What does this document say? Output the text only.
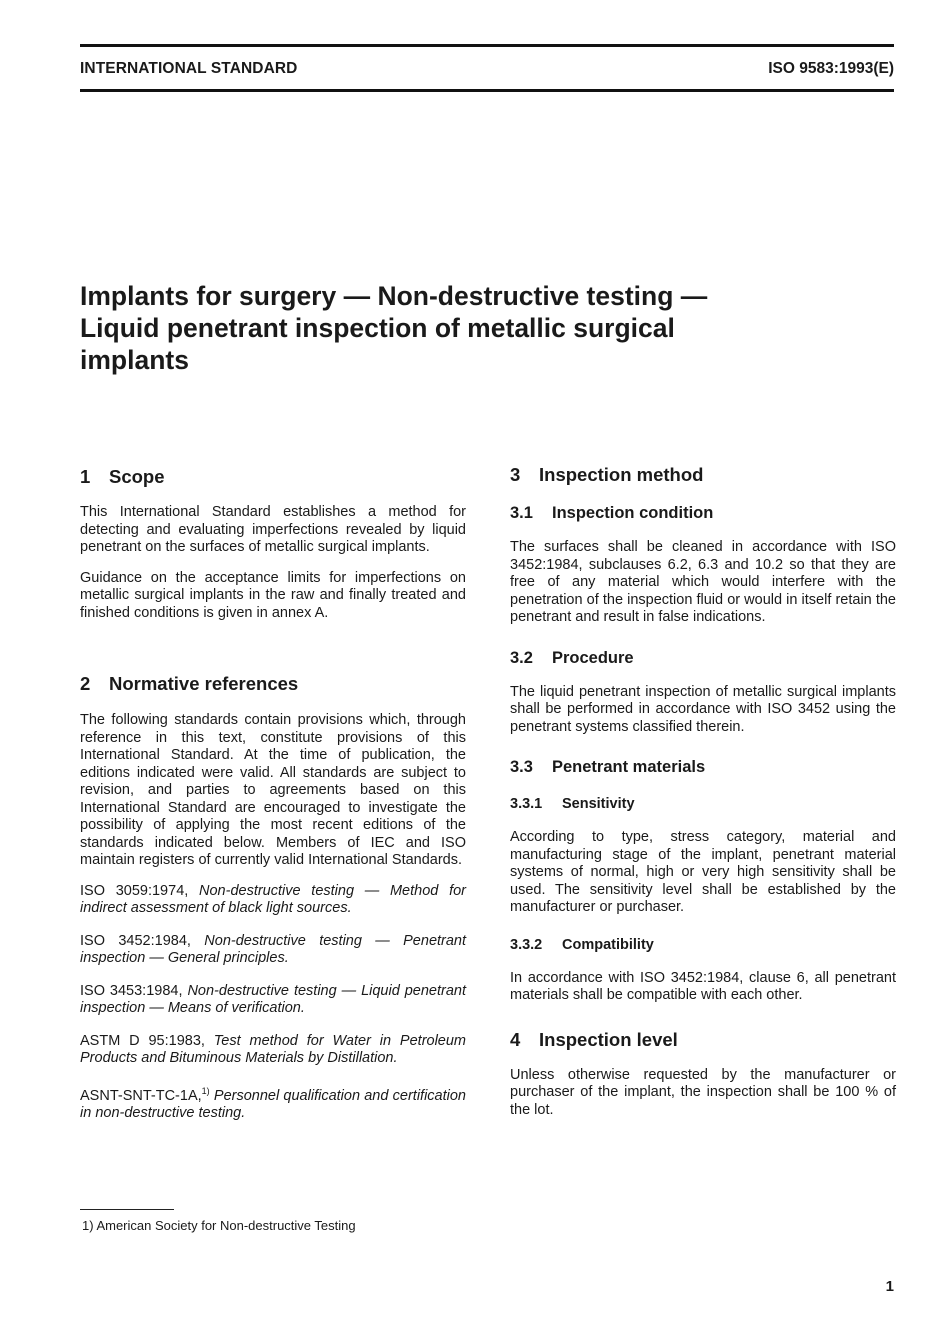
INTERNATIONAL STANDARD	ISO 9583:1993(E)
Implants for surgery — Non-destructive testing —
Liquid penetrant inspection of metallic surgical
implants
1 Scope

This International Standard establishes a method for detecting and evaluating imperfections revealed by liquid penetrant on the surfaces of metallic surgical implants.

Guidance on the acceptance limits for imperfections on metallic surgical implants in the raw and finally treated and finished conditions is given in annex A.

2 Normative references

The following standards contain provisions which, through reference in this text, constitute provisions of this International Standard. At the time of publication, the editions indicated were valid. All standards are subject to revision, and parties to agreements based on this International Standard are encouraged to investigate the possibility of applying the most recent editions of the standards indicated below. Members of IEC and ISO maintain registers of currently valid International Standards.

ISO 3059:1974, Non-destructive testing — Method for indirect assessment of black light sources.

ISO 3452:1984, Non-destructive testing — Penetrant inspection — General principles.

ISO 3453:1984, Non-destructive testing — Liquid penetrant inspection — Means of verification.

ASTM D 95:1983, Test method for Water in Petroleum Products and Bituminous Materials by Distillation.

ASNT-SNT-TC-1A,$^{1)}$ Personnel qualification and certification in non-destructive testing.

3 Inspection method
3.1 Inspection condition

The surfaces shall be cleaned in accordance with ISO 3452:1984, subclauses 6.2, 6.3 and 10.2 so that they are free of any material which would interfere with the penetration of the inspection fluid or would in itself retain the penetrant and result in false indications.

3.2 Procedure

The liquid penetrant inspection of metallic surgical implants shall be performed in accordance with ISO 3452 using the penetrant systems classified therein.

3.3 Penetrant materials
3.3.1 Sensitivity

According to type, stress category, material and manufacturing stage of the implant, penetrant material systems of normal, high or very high sensitivity shall be used. The sensitivity level shall be established by the manufacturer or purchaser.

3.3.2 Compatibility

In accordance with ISO 3452:1984, clause 6, all penetrant materials shall be compatible with each other.

4 Inspection level

Unless otherwise requested by the manufacturer or purchaser of the implant, the inspection shall be 100 % of the lot.

1) American Society for Non-destructive Testing
1
